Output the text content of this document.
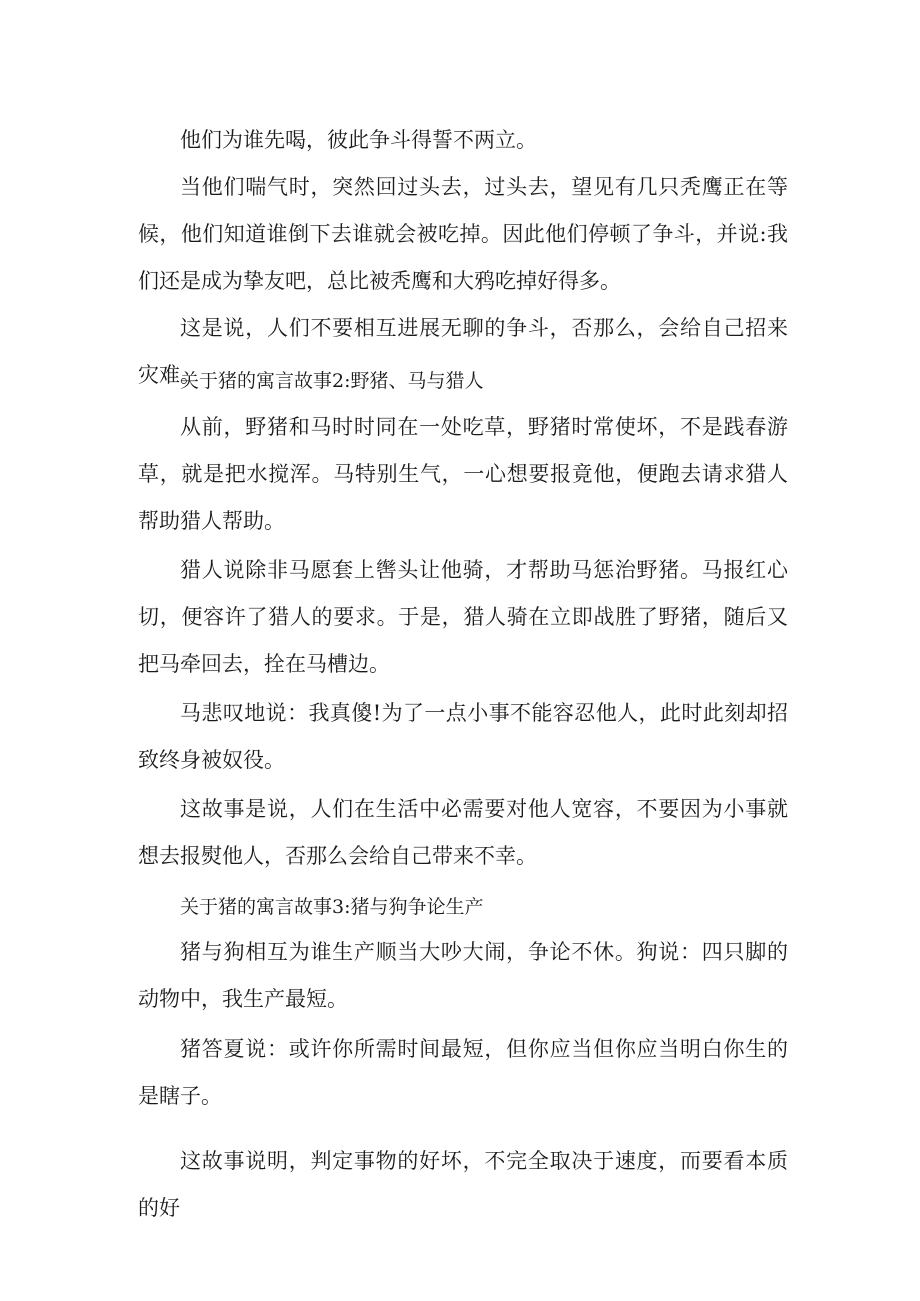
他们为谁先喝，彼此争斗得誓不两立。

当他们喘气时，突然回过头去，过头去，望见有几只秃鹰正在等候，他们知道谁倒下去谁就会被吃掉。因此他们停顿了争斗，并说:我们还是成为挚友吧，总比被秃鹰和大鸦吃掉好得多。

这是说，人们不要相互进展无聊的争斗，否那么，会给自己招来灾难。

关于猪的寓言故事2:野猪、马与猎人

从前，野猪和马时时同在一处吃草，野猪时常使坏，不是践春游草，就是把水搅浑。马特别生气，一心想要报竟他，便跑去请求猎人帮助猎人帮助。

猎人说除非马愿套上辔头让他骑，才帮助马惩治野猪。马报红心切，便容许了猎人的要求。于是，猎人骑在立即战胜了野猪，随后又把马牵回去，拴在马槽边。

马悲叹地说：我真傻!为了一点小事不能容忍他人，此时此刻却招致终身被奴役。

这故事是说，人们在生活中必需要对他人宽容，不要因为小事就想去报熨他人，否那么会给自己带来不幸。

关于猪的寓言故事3:猪与狗争论生产

猪与狗相互为谁生产顺当大吵大闹，争论不休。狗说：四只脚的动物中，我生产最短。

猪答夏说：或许你所需时间最短，但你应当但你应当明白你生的是瞎子。

这故事说明，判定事物的好坏，不完全取决于速度，而要看本质的好
